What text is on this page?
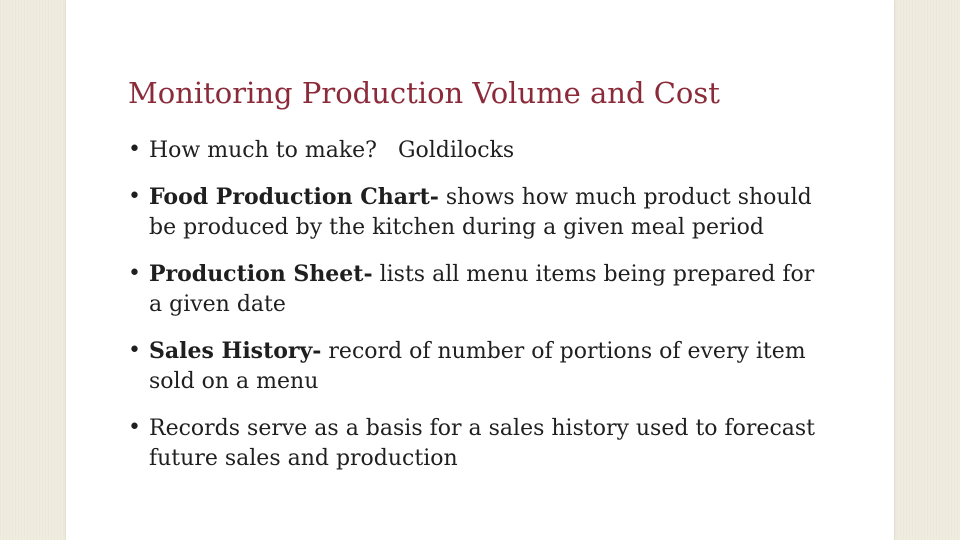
Monitoring Production Volume and Cost
• How much to make?   Goldilocks
• Food Production Chart- shows how much product should be produced by the kitchen during a given meal period
• Production Sheet- lists all menu items being prepared for a given date
• Sales History- record of number of portions of every item sold on a menu
• Records serve as a basis for a sales history used to forecast future sales and production
